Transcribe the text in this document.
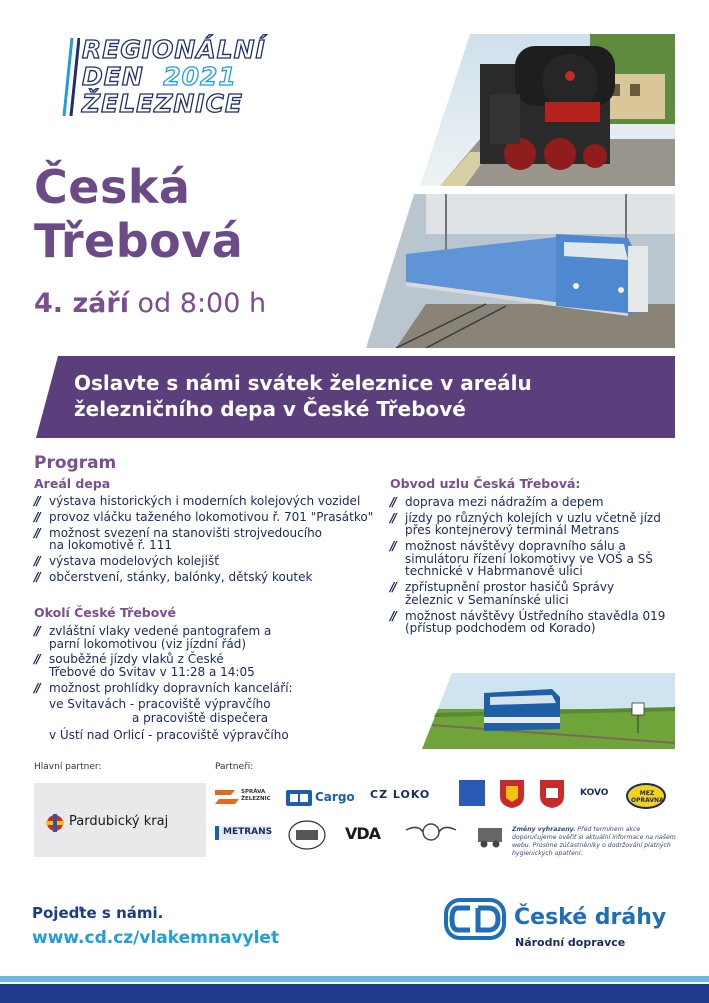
REGIONÁLNÍ
DEN 2021
ŽELEZNICE
Česká
Třebová
4. září od 8:00 h
Oslavte s námi svátek železnice v areálu
železničního depa v České Třebové
Program
Areál depa
// výstava historických i moderních kolejových vozidel
// provoz vláčku taženého lokomotivou ř. 701 "Prasátko"
// možnost svezení na stanovišti strojvedoucího na lokomotivě ř. 111
// výstava modelových kolejišť
// občerstvení, stánky, balónky, dětský koutek
Okolí České Třebové
// zvláštní vlaky vedené pantografem a parní lokomotivou (viz jízdní řád)
// souběžné jízdy vlaků z České Třebové do Svitav v 11:28 a 14:05
// možnost prohlídky dopravních kanceláří:
ve Svitavách - pracoviště výpravčího
a pracoviště dispečera
v Ústí nad Orlicí - pracoviště výpravčího
Obvod uzlu Česká Třebová:
// doprava mezi nádražím a depem
// jízdy po různých kolejích v uzlu včetně jízd přes kontejnerový terminál Metrans
// možnost návštěvy dopravního sálu a simulátoru řízení lokomotivy ve VOŠ a SŠ technické v Habrmanově ulici
// zpřístupnění prostor hasičů Správy železnic v Semanínské ulici
// možnost návštěvy Ústředního stavědla 019 (přístup podchodem od Korado)
Hlavní partner:	Partneři:
Pardubický kraj
SPRÁVA ŽELEZNIC	Cargo CZ LOKO	KOVO	MEZ OPRAVNA
METRANS	VDA	Změny vyhrazeny. Před termínem akce doporučujeme ověřit si aktuální informace na našem webu. Prosíme zúčastněníky o dodržování platných hygienických opatření.
Pojeďte s námi.
www.cd.cz/vlakemnavylet
České dráhy
Národní dopravce
